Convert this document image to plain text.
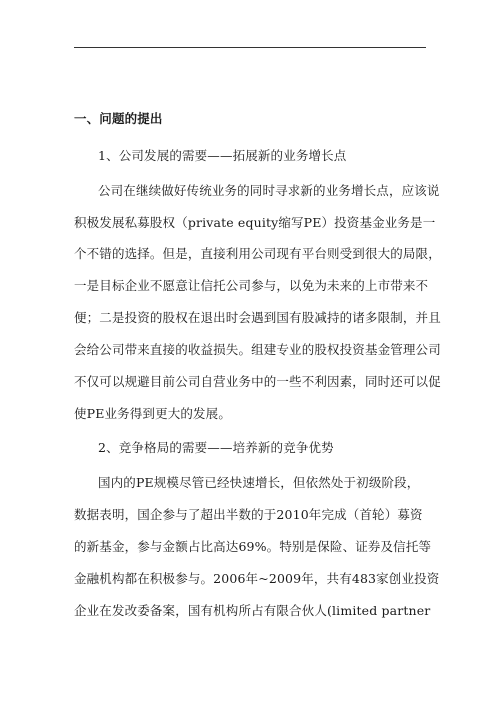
一、问题的提出
1、公司发展的需要——拓展新的业务增长点
公司在继续做好传统业务的同时寻求新的业务增长点，应该说
积极发展私募股权（private equity缩写PE）投资基金业务是一
个不错的选择。但是，直接利用公司现有平台则受到很大的局限，
一是目标企业不愿意让信托公司参与，以免为未来的上市带来不
便；二是投资的股权在退出时会遇到国有股减持的诸多限制，并且
会给公司带来直接的收益损失。组建专业的股权投资基金管理公司
不仅可以规避目前公司自营业务中的一些不利因素，同时还可以促
使PE业务得到更大的发展。
2、竞争格局的需要——培养新的竞争优势
国内的PE规模尽管已经快速增长，但依然处于初级阶段，
数据表明，国企参与了超出半数的于2010年完成（首轮）募资
的新基金，参与金额占比高达69%。特别是保险、证券及信托等
金融机构都在积极参与。2006年~2009年，共有483家创业投资
企业在发改委备案，国有机构所占有限合伙人(limited partner
